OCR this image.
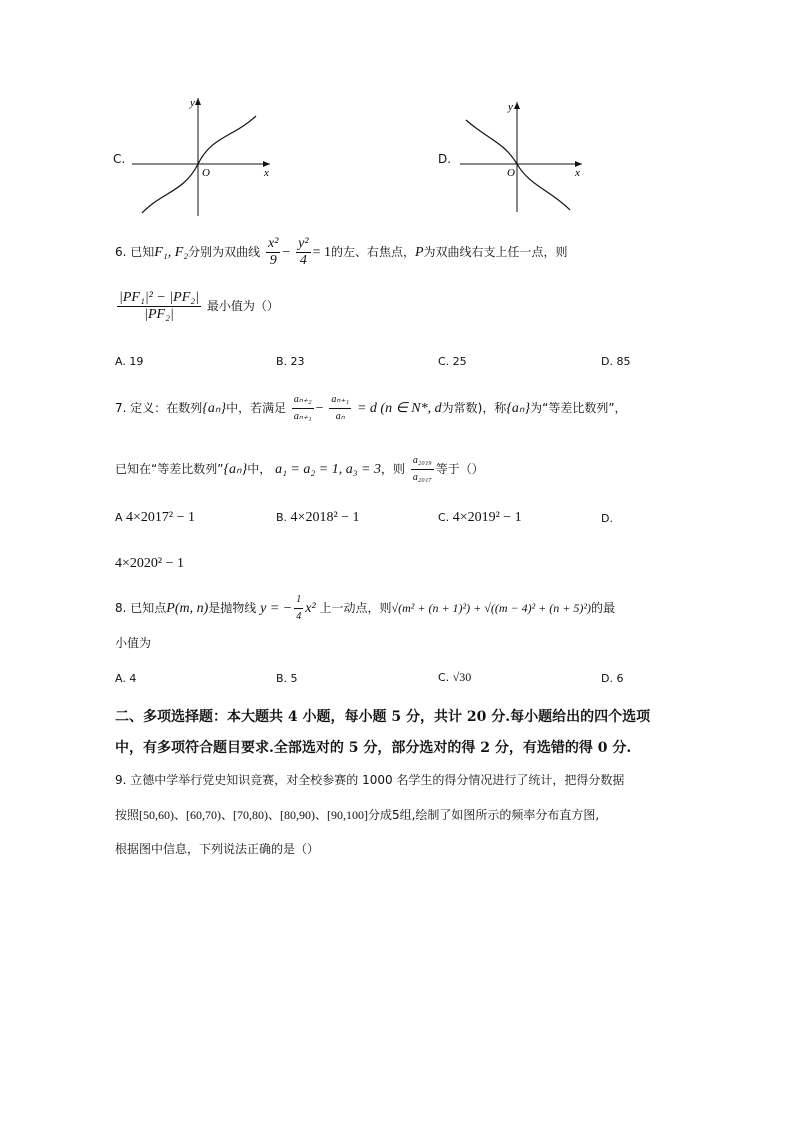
C.
y
x
O
D.
y
x
O
6. 已知F₁, F₂分别为双曲线 $\frac{\text{x²}}{9} - \frac{\text{y²}}{4} = 1$的左、右焦点，P为双曲线右支上任一点，则
$\frac{\text{|PF₁|² − |PF₂|}}{\text{|PF₂|}}$ 最小值为（）
A. 19	B. 23	C. 25	D. 85
7. 定义：在数列{aₙ}中，若满足 $\frac{\text{aₙ₊₂}}{\text{aₙ₊₁}} - \frac{\text{aₙ₊₁}}{\text{aₙ}} = d$ (n ∈ N*, d为常数)，称{aₙ}为“等差比数列”，
已知在“等差比数列”{aₙ}中， a₁ = a₂ = 1, a₃ = 3，则 $\frac{\text{a₂₀₁₉}}{\text{a₂₀₁₇}}$ 等于（）
A 4×2017² − 1	B. 4×2018² − 1	C. 4×2019² − 1	D.
4×2020² − 1
8. 已知点P(m, n)是抛物线 y = − $\frac{1}{4} x^2$ 上一动点，则√(m² + (n + 1)²) + √((m − 4)² + (n + 5)²)的最
小值为
A. 4	B. 5	C. √30	D. 6
二、多项选择题：本大题共 4 小题，每小题 5 分，共计 20 分.每小题给出的四个选项
中，有多项符合题目要求.全部选对的 5 分，部分选对的得 2 分，有选错的得 0 分.
9. 立德中学举行党史知识竞赛，对全校参赛的 1000 名学生的得分情况进行了统计，把得分数据
按照[50,60)、[60,70)、[70,80)、[80,90)、[90,100]分成5组,绘制了如图所示的频率分布直方图,
根据图中信息，下列说法正确的是（）
